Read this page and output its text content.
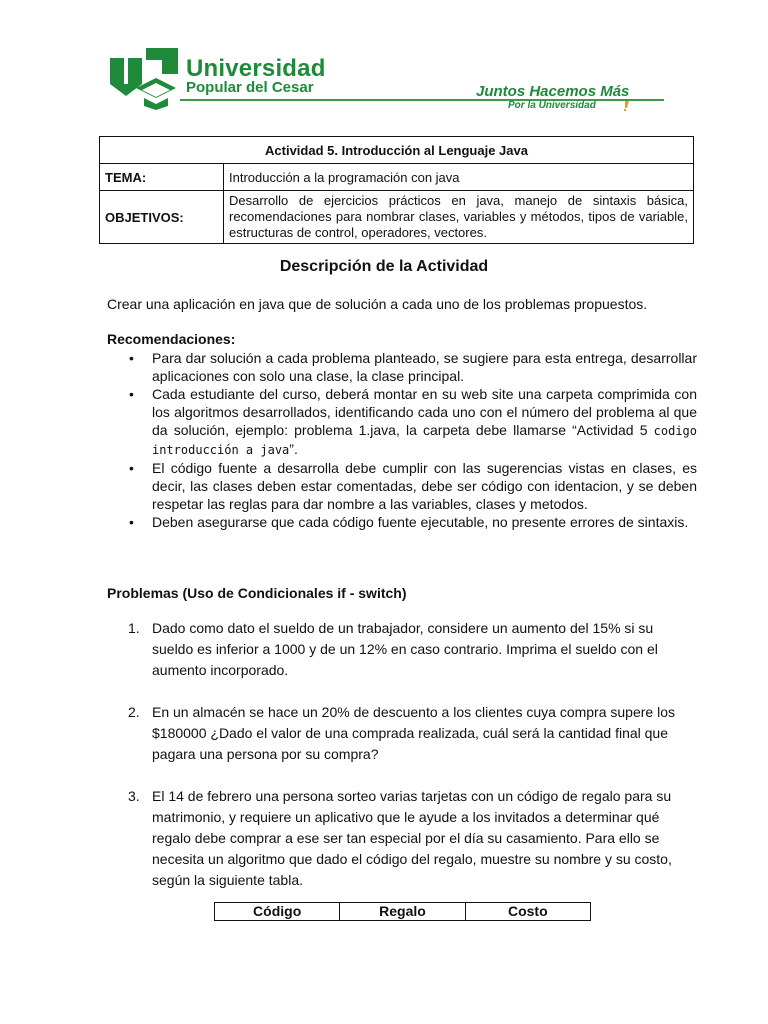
Universidad
Popular del Cesar	Juntos Hacemos Más
Por la Universidad
Actividad 5. Introducción al Lenguaje Java	
TEMA:	Introducción a la programación con java
OBJETIVOS:	Desarrollo de ejercicios prácticos en java, manejo de sintaxis básica, recomendaciones para nombrar clases, variables y métodos, tipos de variable, estructuras de control, operadores, vectores.
Descripción de la Actividad
Crear una aplicación en java que de solución a cada uno de los problemas propuestos.
Recomendaciones:
• Para dar solución a cada problema planteado, se sugiere para esta entrega, desarrollar aplicaciones con solo una clase, la clase principal.
• Cada estudiante del curso, deberá montar en su web site una carpeta comprimida con los algoritmos desarrollados, identificando cada uno con el número del problema al que da solución, ejemplo: problema 1.java, la carpeta debe llamarse “Actividad 5 codigo introducción a java”.
• El código fuente a desarrolla debe cumplir con las sugerencias vistas en clases, es decir, las clases deben estar comentadas, debe ser código con identacion, y se deben respetar las reglas para dar nombre a las variables, clases y metodos.
• Deben asegurarse que cada código fuente ejecutable, no presente errores de sintaxis.
Problemas (Uso de Condicionales if - switch)
1. Dado como dato el sueldo de un trabajador, considere un aumento del 15% si su sueldo es inferior a 1000 y de un 12% en caso contrario. Imprima el sueldo con el aumento incorporado.
2. En un almacén se hace un 20% de descuento a los clientes cuya compra supere los $180000 ¿Dado el valor de una comprada realizada, cuál será la cantidad final que pagara una persona por su compra?
3. El 14 de febrero una persona sorteo varias tarjetas con un código de regalo para su matrimonio, y requiere un aplicativo que le ayude a los invitados a determinar qué regalo debe comprar a ese ser tan especial por el día su casamiento. Para ello se necesita un algoritmo que dado el código del regalo, muestre su nombre y su costo, según la siguiente tabla.
Código	Regalo	Costo
